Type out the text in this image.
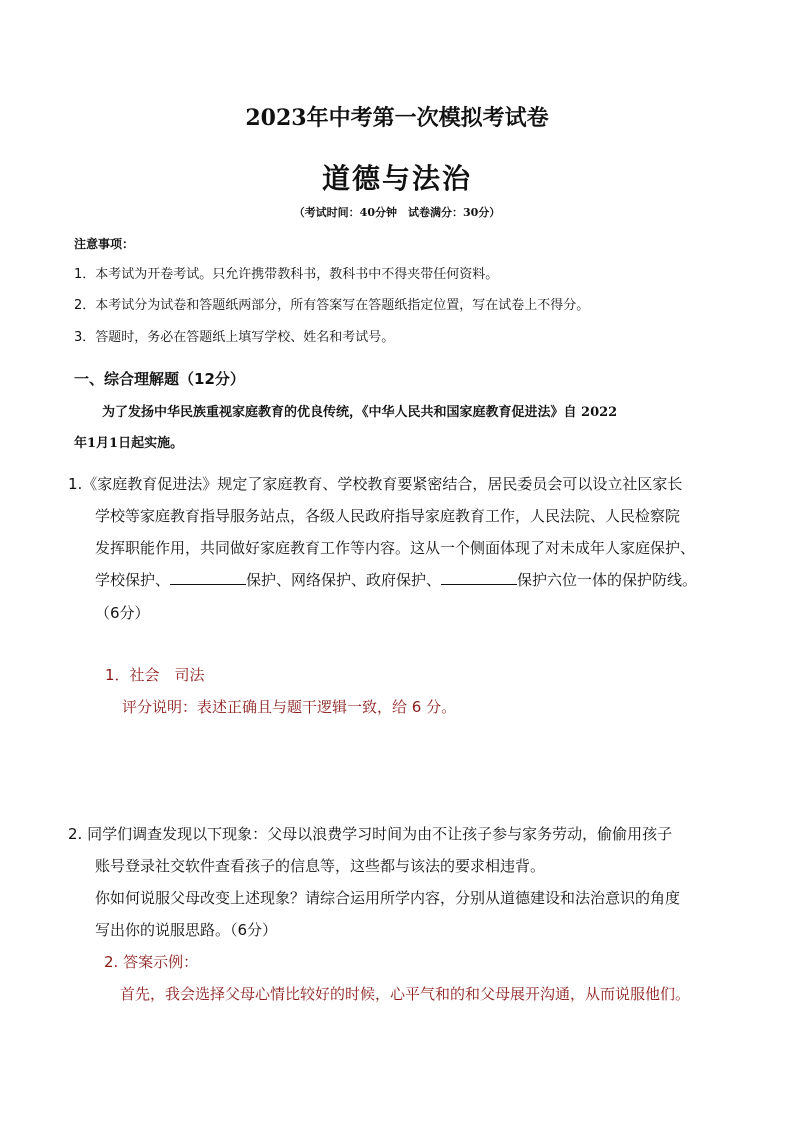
2023年中考第一次模拟考试卷
道德与法治
（考试时间：40分钟　试卷满分：30分）
注意事项：
1．本考试为开卷考试。只允许携带教科书，教科书中不得夹带任何资料。
2．本考试分为试卷和答题纸两部分，所有答案写在答题纸指定位置，写在试卷上不得分。
3．答题时，务必在答题纸上填写学校、姓名和考试号。
一、综合理解题（12分）
为了发扬中华民族重视家庭教育的优良传统，《中华人民共和国家庭教育促进法》自 2022
年1月1日起实施。
1.《家庭教育促进法》规定了家庭教育、学校教育要紧密结合，居民委员会可以设立社区家长
学校等家庭教育指导服务站点，各级人民政府指导家庭教育工作，人民法院、人民检察院
发挥职能作用，共同做好家庭教育工作等内容。这从一个侧面体现了对未成年人家庭保护、
学校保护、	保护、网络保护、政府保护、	保护六位一体的保护防线。
（6分）
1．社会　司法
评分说明：表述正确且与题干逻辑一致，给 6 分。
2. 同学们调查发现以下现象：父母以浪费学习时间为由不让孩子参与家务劳动，偷偷用孩子
账号登录社交软件查看孩子的信息等，这些都与该法的要求相违背。
你如何说服父母改变上述现象？请综合运用所学内容，分别从道德建设和法治意识的角度
写出你的说服思路。（6分）
2. 答案示例：
首先，我会选择父母心情比较好的时候，心平气和的和父母展开沟通，从而说服他们。
